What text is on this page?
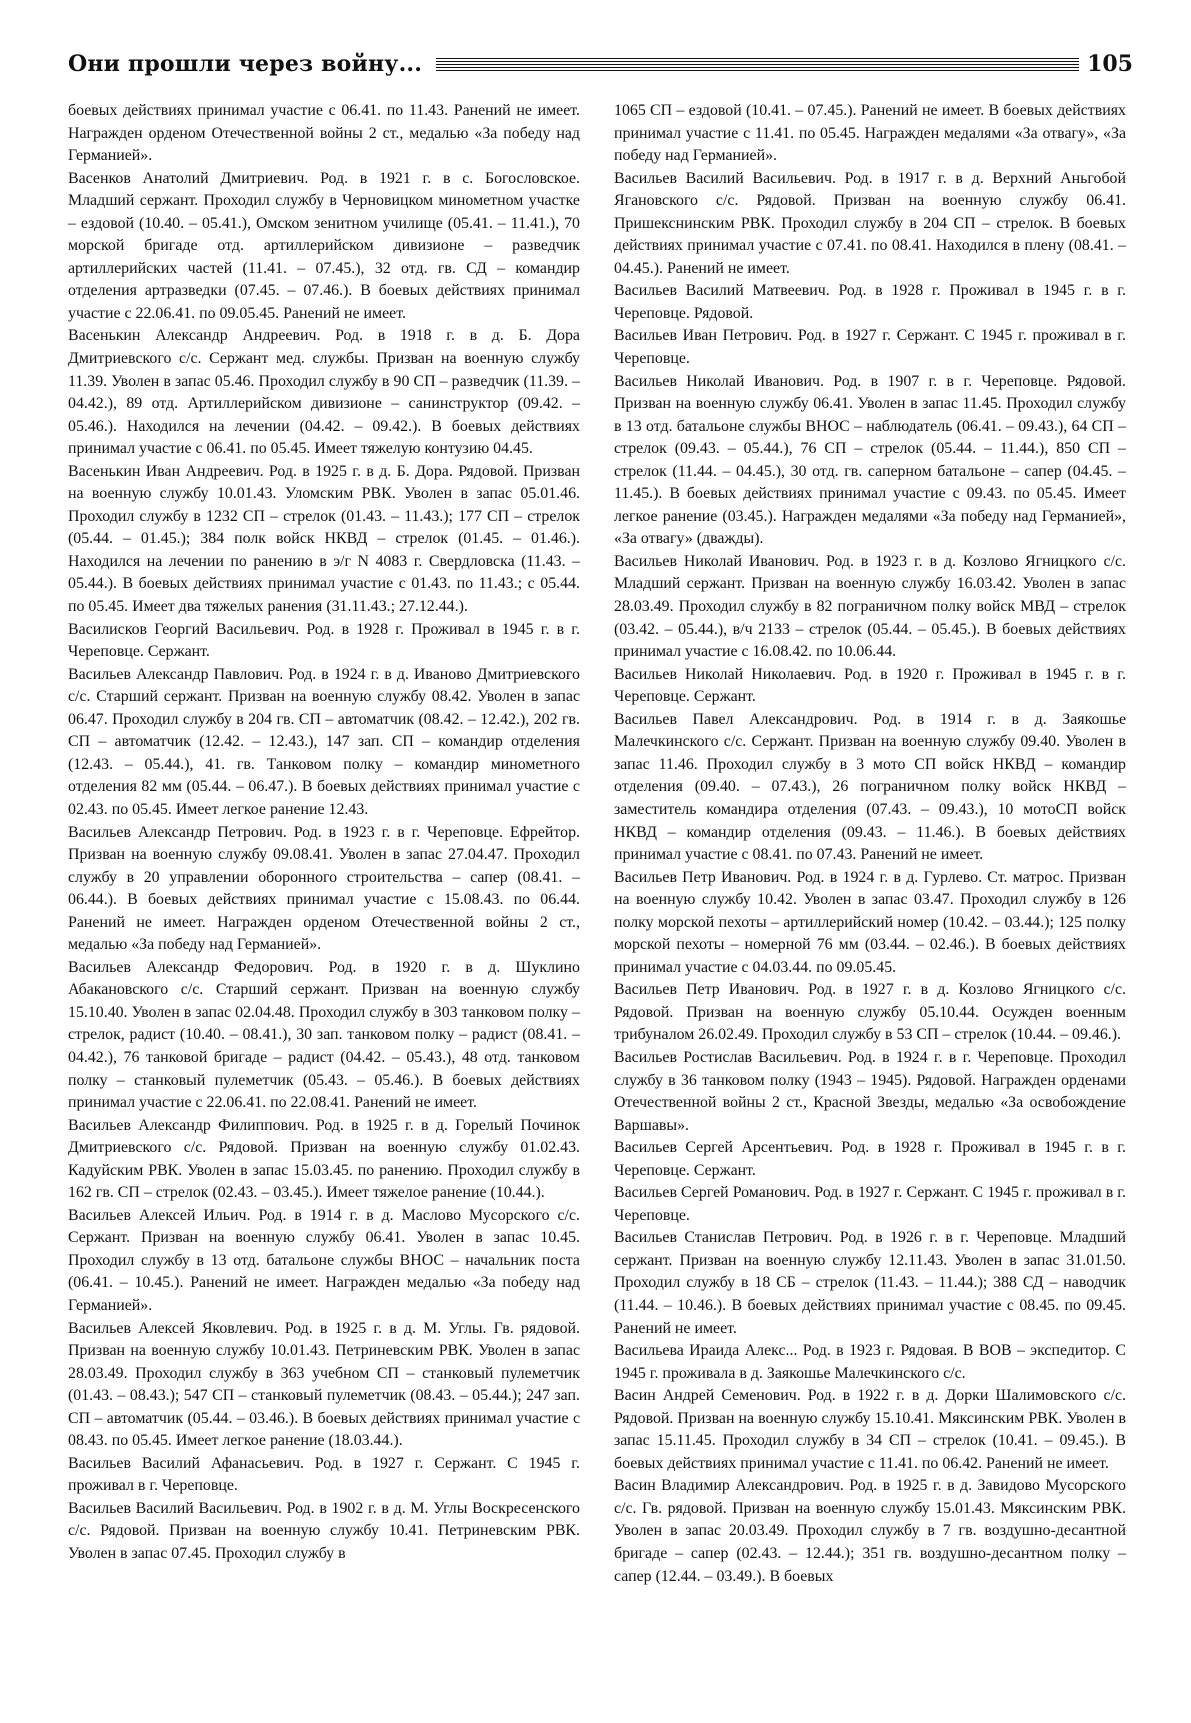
Они прошли через войну...	105

боевых действиях принимал участие с 06.41. по 11.43. Ранений не имеет. Награжден орденом Отечественной войны 2 ст., медалью «За победу над Германией».

Васенков Анатолий Дмитриевич. Род. в 1921 г. в с. Богословское. Младший сержант. Проходил службу в Черновицком минометном участке – ездовой (10.40. – 05.41.), Омском зенитном училище (05.41. – 11.41.), 70 морской бригаде отд. артиллерийском дивизионе – разведчик артиллерийских частей (11.41. – 07.45.), 32 отд. гв. СД – командир отделения артразведки (07.45. – 07.46.). В боевых действиях принимал участие с 22.06.41. по 09.05.45. Ранений не имеет.

Васенькин Александр Андреевич. Род. в 1918 г. в д. Б. Дора Дмитриевского с/с. Сержант мед. службы. Призван на военную службу 11.39. Уволен в запас 05.46. Проходил службу в 90 СП – разведчик (11.39. – 04.42.), 89 отд. Артиллерийском дивизионе – санинструктор (09.42. – 05.46.). Находился на лечении (04.42. – 09.42.). В боевых действиях принимал участие с 06.41. по 05.45. Имеет тяжелую контузию 04.45.

Васенькин Иван Андреевич. Род. в 1925 г. в д. Б. Дора. Рядовой. Призван на военную службу 10.01.43. Уломским РВК. Уволен в запас 05.01.46. Проходил службу в 1232 СП – стрелок (01.43. – 11.43.); 177 СП – стрелок (05.44. – 01.45.); 384 полк войск НКВД – стрелок (01.45. – 01.46.). Находился на лечении по ранению в э/г N 4083 г. Свердловска (11.43. – 05.44.). В боевых действиях принимал участие с 01.43. по 11.43.; с 05.44. по 05.45. Имеет два тяжелых ранения (31.11.43.; 27.12.44.).

Василисков Георгий Васильевич. Род. в 1928 г. Проживал в 1945 г. в г. Череповце. Сержант.

Васильев Александр Павлович. Род. в 1924 г. в д. Иваново Дмитриевского с/с. Старший сержант. Призван на военную службу 08.42. Уволен в запас 06.47. Проходил службу в 204 гв. СП – автоматчик (08.42. – 12.42.), 202 гв. СП – автоматчик (12.42. – 12.43.), 147 зап. СП – командир отделения (12.43. – 05.44.), 41. гв. Танковом полку – командир минометного отделения 82 мм (05.44. – 06.47.). В боевых действиях принимал участие с 02.43. по 05.45. Имеет легкое ранение 12.43.

Васильев Александр Петрович. Род. в 1923 г. в г. Череповце. Ефрейтор. Призван на военную службу 09.08.41. Уволен в запас 27.04.47. Проходил службу в 20 управлении оборонного строительства – сапер (08.41. – 06.44.). В боевых действиях принимал участие с 15.08.43. по 06.44. Ранений не имеет. Награжден орденом Отечественной войны 2 ст., медалью «За победу над Германией».

Васильев Александр Федорович. Род. в 1920 г. в д. Шуклино Абакановского с/с. Старший сержант. Призван на военную службу 15.10.40. Уволен в запас 02.04.48. Проходил службу в 303 танковом полку – стрелок, радист (10.40. – 08.41.), 30 зап. танковом полку – радист (08.41. – 04.42.), 76 танковой бригаде – радист (04.42. – 05.43.), 48 отд. танковом полку – станковый пулеметчик (05.43. – 05.46.). В боевых действиях принимал участие с 22.06.41. по 22.08.41. Ранений не имеет.

Васильев Александр Филиппович. Род. в 1925 г. в д. Горелый Починок Дмитриевского с/с. Рядовой. Призван на военную службу 01.02.43. Кадуйским РВК. Уволен в запас 15.03.45. по ранению. Проходил службу в 162 гв. СП – стрелок (02.43. – 03.45.). Имеет тяжелое ранение (10.44.).

Васильев Алексей Ильич. Род. в 1914 г. в д. Маслово Мусорского с/с. Сержант. Призван на военную службу 06.41. Уволен в запас 10.45. Проходил службу в 13 отд. батальоне службы ВНОС – начальник поста (06.41. – 10.45.). Ранений не имеет. Награжден медалью «За победу над Германией».

Васильев Алексей Яковлевич. Род. в 1925 г. в д. М. Углы. Гв. рядовой. Призван на военную службу 10.01.43. Петриневским РВК. Уволен в запас 28.03.49. Проходил службу в 363 учебном СП – станковый пулеметчик (01.43. – 08.43.); 547 СП – станковый пулеметчик (08.43. – 05.44.); 247 зап. СП – автоматчик (05.44. – 03.46.). В боевых действиях принимал участие с 08.43. по 05.45. Имеет легкое ранение (18.03.44.).

Васильев Василий Афанасьевич. Род. в 1927 г. Сержант. С 1945 г. проживал в г. Череповце.

Васильев Василий Васильевич. Род. в 1902 г. в д. М. Углы Воскресенского с/с. Рядовой. Призван на военную службу 10.41. Петриневским РВК. Уволен в запас 07.45. Проходил службу в

1065 СП – ездовой (10.41. – 07.45.). Ранений не имеет. В боевых действиях принимал участие с 11.41. по 05.45. Награжден медалями «За отвагу», «За победу над Германией».

Васильев Василий Васильевич. Род. в 1917 г. в д. Верхний Аньгобой Ягановского с/с. Рядовой. Призван на военную службу 06.41. Пришекснинским РВК. Проходил службу в 204 СП – стрелок. В боевых действиях принимал участие с 07.41. по 08.41. Находился в плену (08.41. – 04.45.). Ранений не имеет.

Васильев Василий Матвеевич. Род. в 1928 г. Проживал в 1945 г. в г. Череповце. Рядовой.

Васильев Иван Петрович. Род. в 1927 г. Сержант. С 1945 г. проживал в г. Череповце.

Васильев Николай Иванович. Род. в 1907 г. в г. Череповце. Рядовой. Призван на военную службу 06.41. Уволен в запас 11.45. Проходил службу в 13 отд. батальоне службы ВНОС – наблюдатель (06.41. – 09.43.), 64 СП – стрелок (09.43. – 05.44.), 76 СП – стрелок (05.44. – 11.44.), 850 СП – стрелок (11.44. – 04.45.), 30 отд. гв. саперном батальоне – сапер (04.45. – 11.45.). В боевых действиях принимал участие с 09.43. по 05.45. Имеет легкое ранение (03.45.). Награжден медалями «За победу над Германией», «За отвагу» (дважды).

Васильев Николай Иванович. Род. в 1923 г. в д. Козлово Ягницкого с/с. Младший сержант. Призван на военную службу 16.03.42. Уволен в запас 28.03.49. Проходил службу в 82 пограничном полку войск МВД – стрелок (03.42. – 05.44.), в/ч 2133 – стрелок (05.44. – 05.45.). В боевых действиях принимал участие с 16.08.42. по 10.06.44.

Васильев Николай Николаевич. Род. в 1920 г. Проживал в 1945 г. в г. Череповце. Сержант.

Васильев Павел Александрович. Род. в 1914 г. в д. Заякошье Малечкинского с/с. Сержант. Призван на военную службу 09.40. Уволен в запас 11.46. Проходил службу в 3 мото СП войск НКВД – командир отделения (09.40. – 07.43.), 26 пограничном полку войск НКВД – заместитель командира отделения (07.43. – 09.43.), 10 мотоСП войск НКВД – командир отделения (09.43. – 11.46.). В боевых действиях принимал участие с 08.41. по 07.43. Ранений не имеет.

Васильев Петр Иванович. Род. в 1924 г. в д. Гурлево. Ст. матрос. Призван на военную службу 10.42. Уволен в запас 03.47. Проходил службу в 126 полку морской пехоты – артиллерийский номер (10.42. – 03.44.); 125 полку морской пехоты – номерной 76 мм (03.44. – 02.46.). В боевых действиях принимал участие с 04.03.44. по 09.05.45.

Васильев Петр Иванович. Род. в 1927 г. в д. Козлово Ягницкого с/с. Рядовой. Призван на военную службу 05.10.44. Осужден военным трибуналом 26.02.49. Проходил службу в 53 СП – стрелок (10.44. – 09.46.).

Васильев Ростислав Васильевич. Род. в 1924 г. в г. Череповце. Проходил службу в 36 танковом полку (1943 – 1945). Рядовой. Награжден орденами Отечественной войны 2 ст., Красной Звезды, медалью «За освобождение Варшавы».

Васильев Сергей Арсентьевич. Род. в 1928 г. Проживал в 1945 г. в г. Череповце. Сержант.

Васильев Сергей Романович. Род. в 1927 г. Сержант. С 1945 г. проживал в г. Череповце.

Васильев Станислав Петрович. Род. в 1926 г. в г. Череповце. Младший сержант. Призван на военную службу 12.11.43. Уволен в запас 31.01.50. Проходил службу в 18 СБ – стрелок (11.43. – 11.44.); 388 СД – наводчик (11.44. – 10.46.). В боевых действиях принимал участие с 08.45. по 09.45. Ранений не имеет.

Васильева Ираида Алекс... Род. в 1923 г. Рядовая. В ВОВ – экспедитор. С 1945 г. проживала в д. Заякошье Малечкинского с/с.

Васин Андрей Семенович. Род. в 1922 г. в д. Дорки Шалимовского с/с. Рядовой. Призван на военную службу 15.10.41. Мяксинским РВК. Уволен в запас 15.11.45. Проходил службу в 34 СП – стрелок (10.41. – 09.45.). В боевых действиях принимал участие с 11.41. по 06.42. Ранений не имеет.

Васин Владимир Александрович. Род. в 1925 г. в д. Завидово Мусорского с/с. Гв. рядовой. Призван на военную службу 15.01.43. Мяксинским РВК. Уволен в запас 20.03.49. Проходил службу в 7 гв. воздушно-десантной бригаде – сапер (02.43. – 12.44.); 351 гв. воздушно-десантном полку – сапер (12.44. – 03.49.). В боевых
